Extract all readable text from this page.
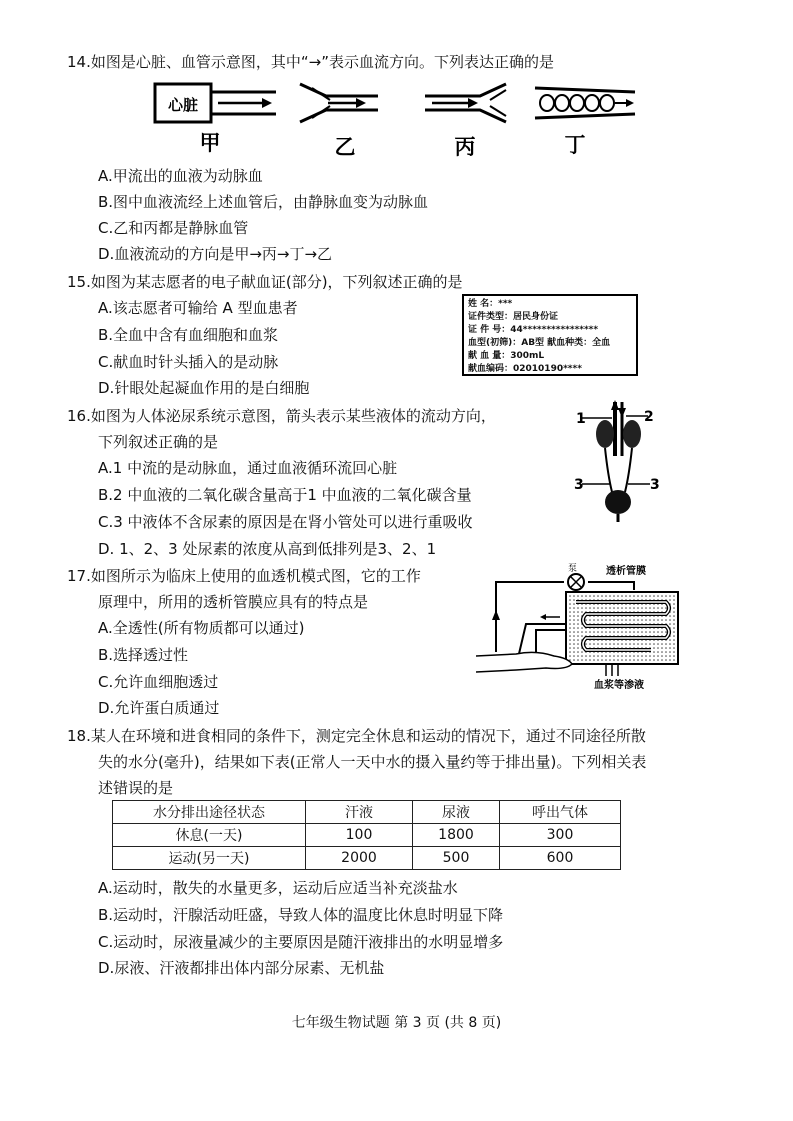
14.如图是心脏、血管示意图，其中“→”表示血流方向。下列表达正确的是
心脏
甲	乙	丙	丁
A.甲流出的血液为动脉血
B.图中血液流经上述血管后，由静脉血变为动脉血
C.乙和丙都是静脉血管
D.血液流动的方向是甲→丙→丁→乙
15.如图为某志愿者的电子献血证(部分)，下列叙述正确的是
A.该志愿者可输给 A 型血患者
B.全血中含有血细胞和血浆
C.献血时针头插入的是动脉
D.针眼处起凝血作用的是白细胞
姓 名：***
证件类型：居民身份证
证 件 号：44****************
血型(初筛)：AB型 献血种类：全血
献 血 量：300mL
献血编码：02010190****
16.如图为人体泌尿系统示意图，箭头表示某些液体的流动方向，
下列叙述正确的是
A.1 中流的是动脉血，通过血液循环流回心脏
B.2 中血液的二氧化碳含量高于1 中血液的二氧化碳含量
C.3 中液体不含尿素的原因是在肾小管处可以进行重吸收
D. 1、2、3 处尿素的浓度从高到低排列是3、2、1
1	2
3	3
17.如图所示为临床上使用的血透机模式图，它的工作
原理中，所用的透析管膜应具有的特点是
A.全透性(所有物质都可以通过)
B.选择透过性
C.允许血细胞透过
D.允许蛋白质通过
泵	透析管膜
血浆等渗液
18.某人在环境和进食相同的条件下，测定完全休息和运动的情况下，通过不同途径所散
失的水分(毫升)，结果如下表(正常人一天中水的摄入量约等于排出量)。下列相关表
述错误的是
水分排出途径状态	汗液	尿液	呼出气体
休息(一天)	100	1800	300
运动(另一天)	2000	500	600
A.运动时，散失的水量更多，运动后应适当补充淡盐水
B.运动时，汗腺活动旺盛，导致人体的温度比休息时明显下降
C.运动时，尿液量减少的主要原因是随汗液排出的水明显增多
D.尿液、汗液都排出体内部分尿素、无机盐
七年级生物试题 第 3 页 (共 8 页)
